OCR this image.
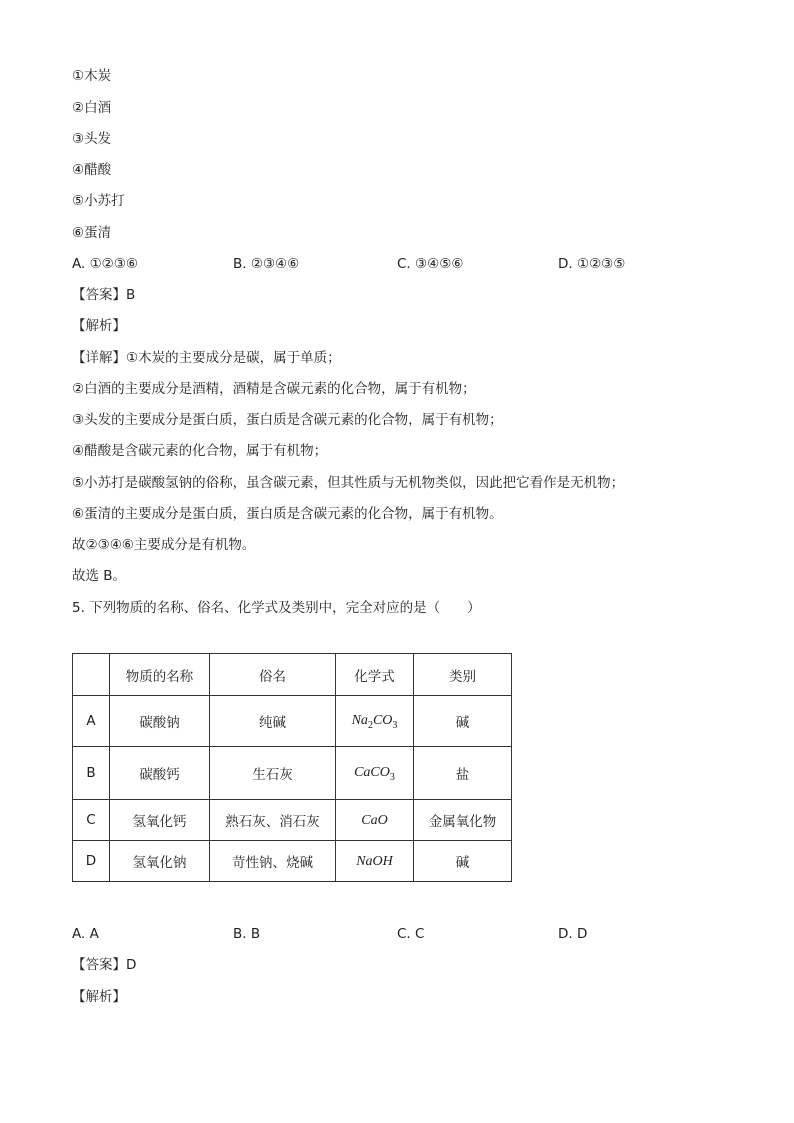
①木炭
②白酒
③头发
④醋酸
⑤小苏打
⑥蛋清
A. ①②③⑥	B. ②③④⑥	C. ③④⑤⑥	D. ①②③⑤
【答案】B
【解析】
【详解】①木炭的主要成分是碳，属于单质；
②白酒的主要成分是酒精，酒精是含碳元素的化合物，属于有机物；
③头发的主要成分是蛋白质，蛋白质是含碳元素的化合物，属于有机物；
④醋酸是含碳元素的化合物，属于有机物；
⑤小苏打是碳酸氢钠的俗称，虽含碳元素，但其性质与无机物类似，因此把它看作是无机物；
⑥蛋清的主要成分是蛋白质，蛋白质是含碳元素的化合物，属于有机物。
故②③④⑥主要成分是有机物。
故选 B。
5. 下列物质的名称、俗名、化学式及类别中，完全对应的是（　　）
	物质的名称	俗名	化学式	类别
A	碳酸钠	纯碱	$Na_2CO_3$	碱
B	碳酸钙	生石灰	CaCO$_3$	盐
C	氢氧化钙	熟石灰、消石灰	CaO	金属氧化物
D	氢氧化钠	苛性钠、烧碱	NaOH	碱
A. A	B. B	C. C	D. D
【答案】D
【解析】
